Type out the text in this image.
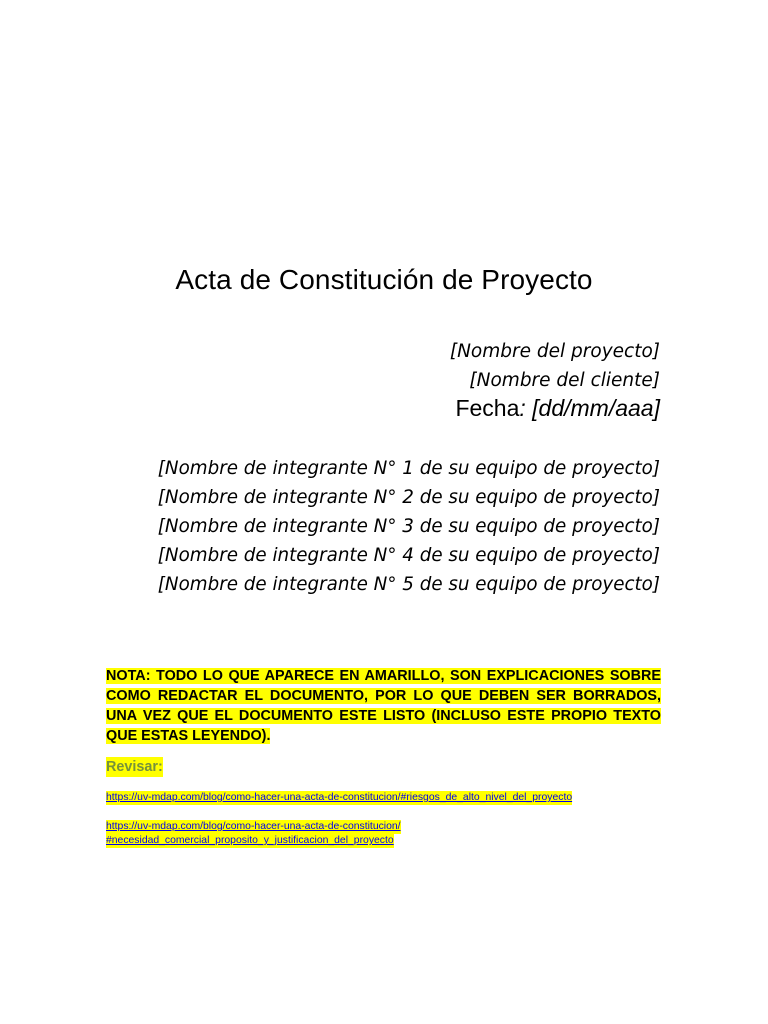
Acta de Constitución de Proyecto
[Nombre del proyecto]
[Nombre del cliente]
Fecha: [dd/mm/aaa]
[Nombre de integrante N° 1 de su equipo de proyecto]
[Nombre de integrante N° 2 de su equipo de proyecto]
[Nombre de integrante N° 3 de su equipo de proyecto]
[Nombre de integrante N° 4 de su equipo de proyecto]
[Nombre de integrante N° 5 de su equipo de proyecto]

NOTA: TODO LO QUE APARECE EN AMARILLO, SON EXPLICACIONES SOBRE COMO REDACTAR EL DOCUMENTO, POR LO QUE DEBEN SER BORRADOS, UNA VEZ QUE EL DOCUMENTO ESTE LISTO (INCLUSO ESTE PROPIO TEXTO QUE ESTAS LEYENDO).

Revisar:

https://uv-mdap.com/blog/como-hacer-una-acta-de-constitucion/#riesgos_de_alto_nivel_del_proyecto
https://uv-mdap.com/blog/como-hacer-una-acta-de-constitucion/
#necesidad_comercial_proposito_y_justificacion_del_proyecto
